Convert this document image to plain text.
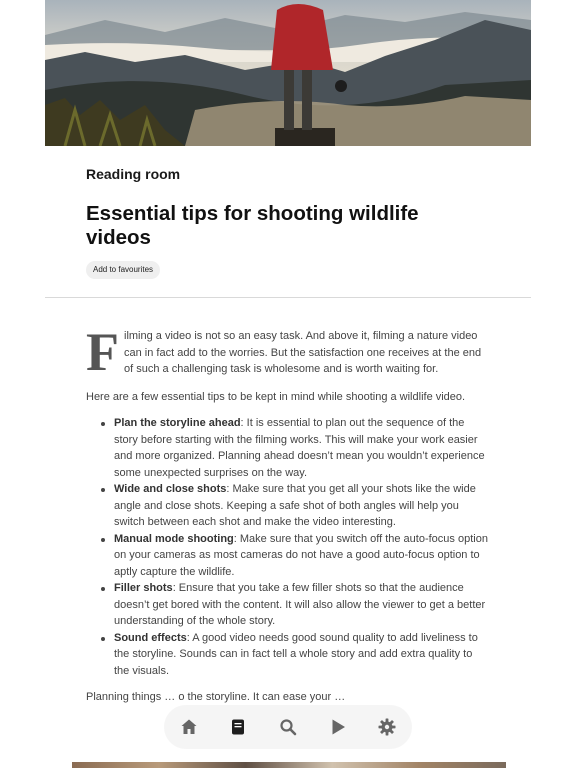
Reading room
Essential tips for shooting wildlife videos
Add to favourites

Filming a video is not so an easy task. And above it, filming a nature video can in fact add to the worries. But the satisfaction one receives at the end of such a challenging task is wholesome and is worth waiting for.

Here are a few essential tips to be kept in mind while shooting a wildlife video.

Plan the storyline ahead: It is essential to plan out the sequence of the story before starting with the filming works. This will make your work easier and more organized. Planning ahead doesn’t mean you wouldn’t experience some unexpected surprises on the way.
Wide and close shots: Make sure that you get all your shots like the wide angle and close shots. Keeping a safe shot of both angles will help you switch between each shot and make the video interesting.
Manual mode shooting: Make sure that you switch off the auto-focus option on your cameras as most cameras do not have a good auto-focus option to aptly capture the wildlife.
Filler shots: Ensure that you take a few filler shots so that the audience doesn’t get bored with the content. It will also allow the viewer to get a better understanding of the whole story.
Sound effects: A good video needs good sound quality to add liveliness to the storyline. Sounds can in fact tell a whole story and add extra quality to the visuals.

Planning things … o the storyline. It can ease your …
